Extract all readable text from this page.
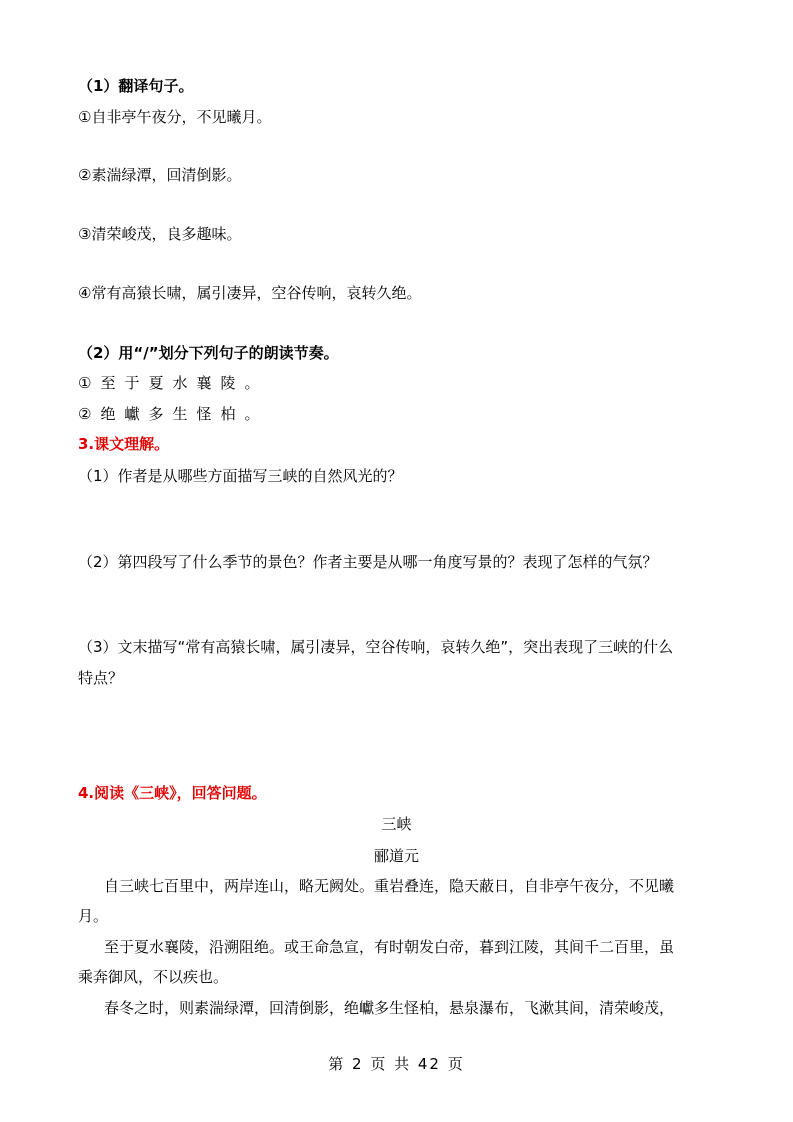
（1）翻译句子。
①自非亭午夜分，不见曦月。
②素湍绿潭，回清倒影。
③清荣峻茂，良多趣味。
④常有高猿长啸，属引凄异，空谷传响，哀转久绝。
（2）用“/”划分下列句子的朗读节奏。
①至于夏水襄陵。
②绝巘多生怪柏。
3.课文理解。
（1）作者是从哪些方面描写三峡的自然风光的？
（2）第四段写了什么季节的景色？作者主要是从哪一角度写景的？表现了怎样的气氛？
（3）文末描写“常有高猿长啸，属引凄异，空谷传响，哀转久绝”，突出表现了三峡的什么
特点？
4.阅读《三峡》，回答问题。
三峡
郦道元
自三峡七百里中，两岸连山，略无阙处。重岩叠连，隐天蔽日，自非亭午夜分，不见曦
月。
至于夏水襄陵，沿溯阻绝。或王命急宣，有时朝发白帝，暮到江陵，其间千二百里，虽
乘奔御风，不以疾也。
春冬之时，则素湍绿潭，回清倒影，绝巘多生怪柏，悬泉瀑布，飞漱其间，清荣峻茂，
第 2 页 共 42 页
